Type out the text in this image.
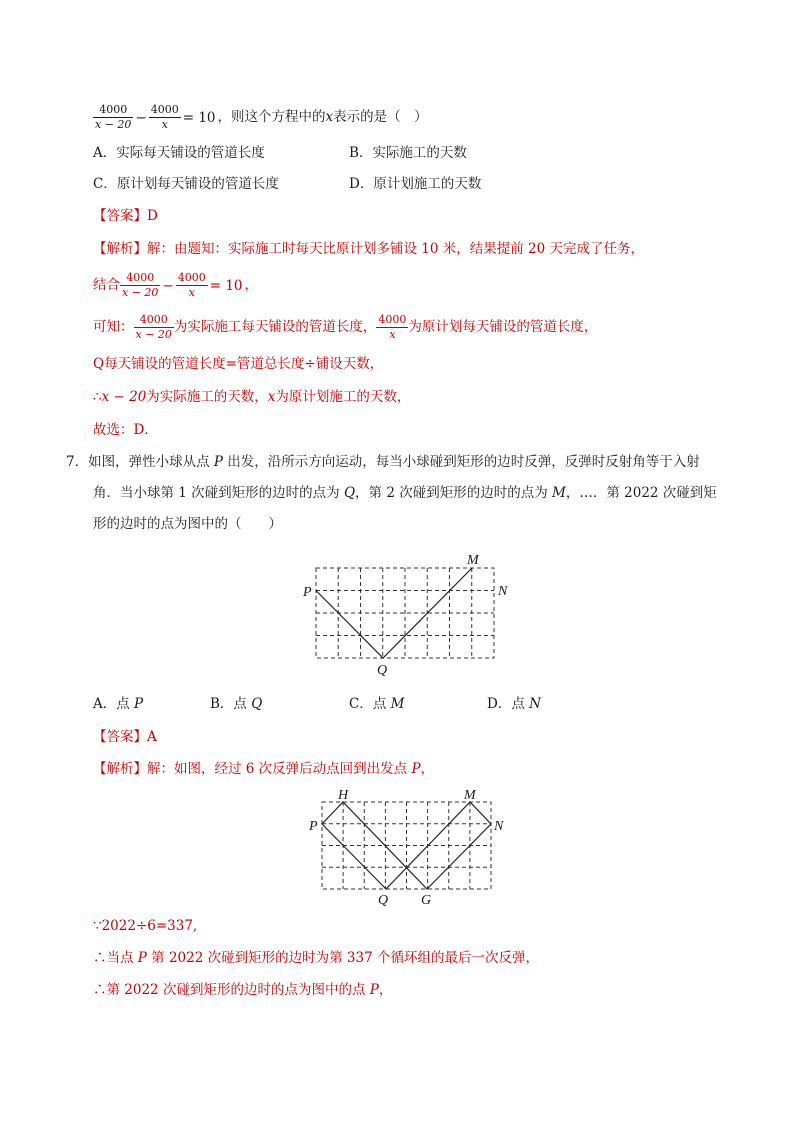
$\frac{4000}{x - 20} - \frac{4000}{x} = 10$ ，则这个方程中的x表示的是（　）
A．实际每天铺设的管道长度	B．实际施工的天数
C．原计划每天铺设的管道长度	D．原计划施工的天数
【答案】D
【解析】解：由题知：实际施工时每天比原计划多铺设 10 米，结果提前 20 天完成了任务，
结合 $\frac{4000}{x - 20} - \frac{4000}{x} = 10$ ，
可知： $\frac{4000}{x - 20}$ 为实际施工每天铺设的管道长度， $\frac{4000}{x}$ 为原计划每天铺设的管道长度，
Q每天铺设的管道长度=管道总长度÷铺设天数，
∴x − 20为实际施工的天数，x为原计划施工的天数，
故选：D．
7．如图，弹性小球从点 P 出发，沿所示方向运动，每当小球碰到矩形的边时反弹，反弹时反射角等于入射
角．当小球第 1 次碰到矩形的边时的点为 Q，第 2 次碰到矩形的边时的点为 M，…．第 2022 次碰到矩
形的边时的点为图中的（　　）
P
Q
M
N
A．点 P	B．点 Q	C．点 M	D．点 N
【答案】A
【解析】解：如图，经过 6 次反弹后动点回到出发点 P，
H	M
P	N
Q G
∵2022÷6=337,
∴当点 P 第 2022 次碰到矩形的边时为第 337 个循环组的最后一次反弹，
∴第 2022 次碰到矩形的边时的点为图中的点 P，
